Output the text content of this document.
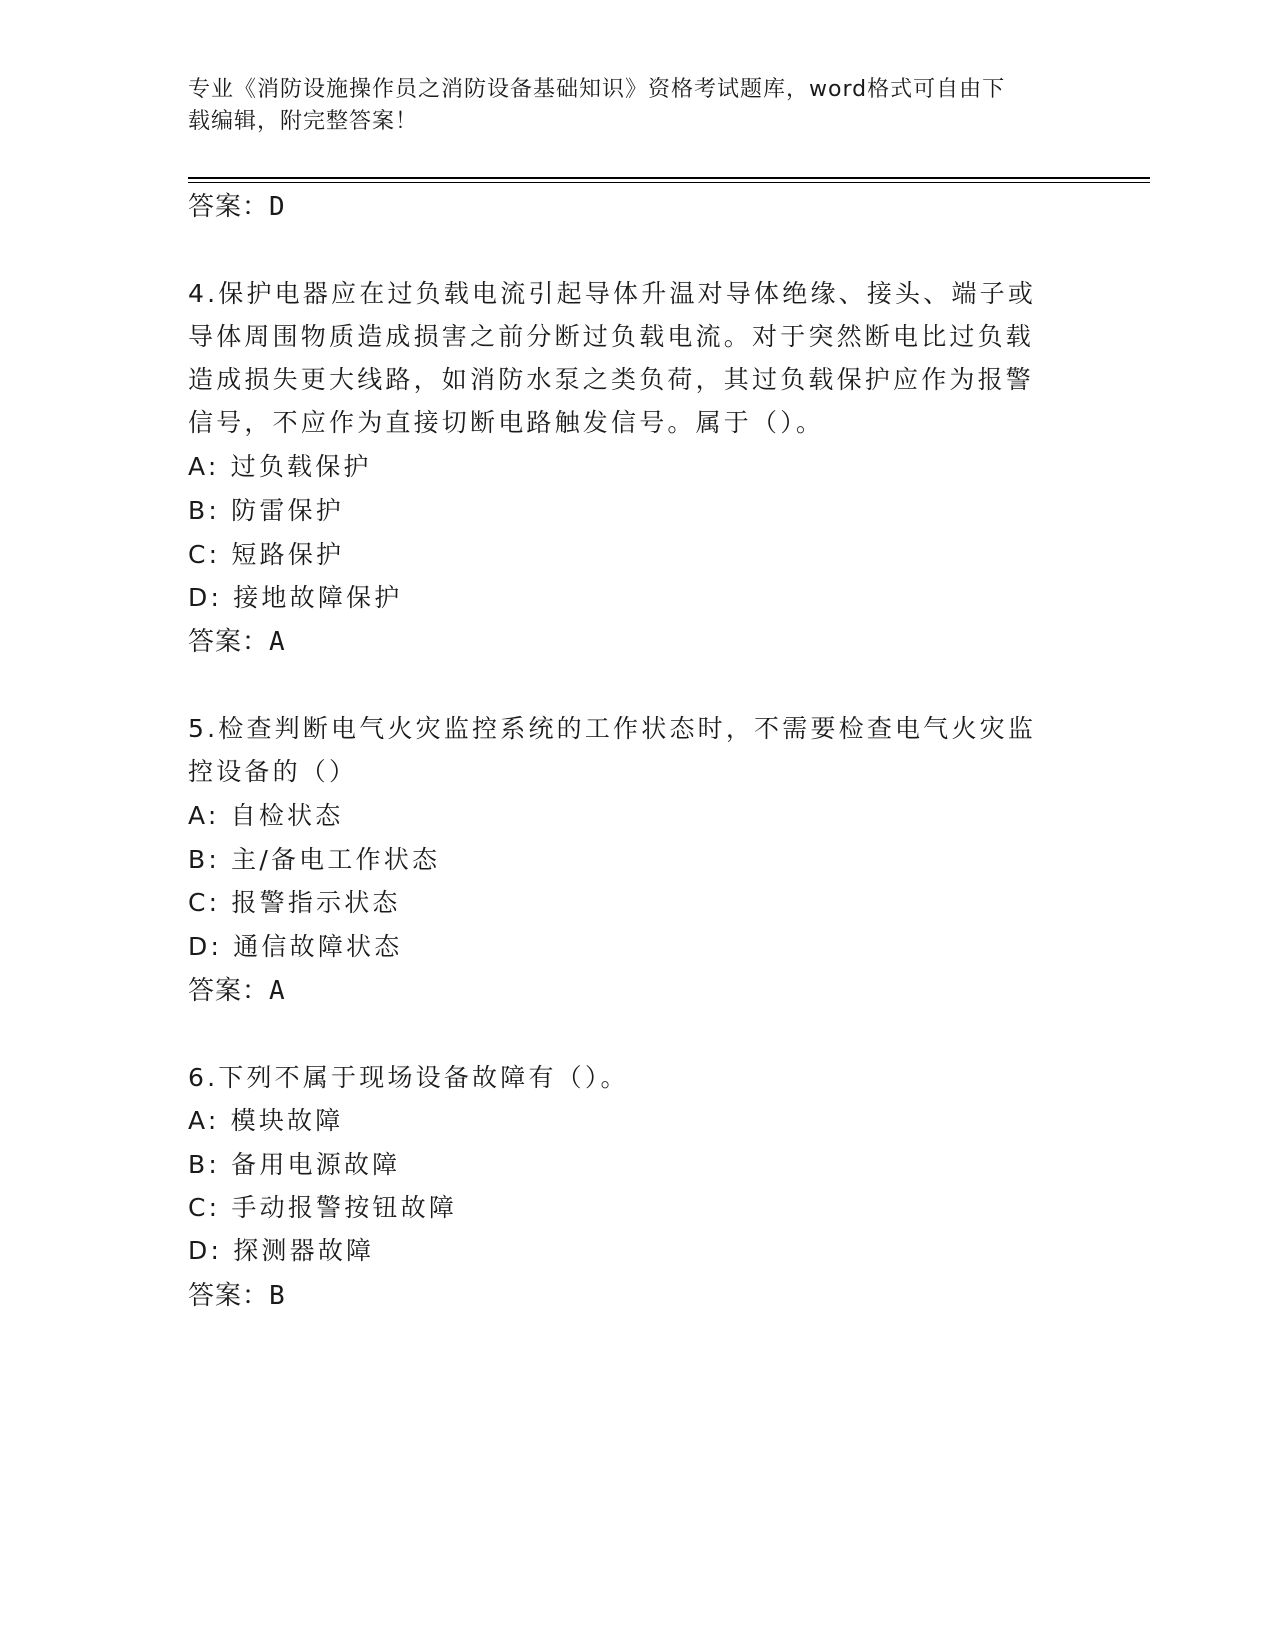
专业《消防设施操作员之消防设备基础知识》资格考试题库，word格式可自由下
载编辑，附完整答案！
答案：D
4.保护电器应在过负载电流引起导体升温对导体绝缘、接头、端子或
导体周围物质造成损害之前分断过负载电流。对于突然断电比过负载
造成损失更大线路，如消防水泵之类负荷，其过负载保护应作为报警
信号，不应作为直接切断电路触发信号。属于（）。
A: 过负载保护
B: 防雷保护
C: 短路保护
D: 接地故障保护
答案：A
5.检查判断电气火灾监控系统的工作状态时，不需要检查电气火灾监
控设备的（）
A: 自检状态
B: 主/备电工作状态
C: 报警指示状态
D: 通信故障状态
答案：A
6.下列不属于现场设备故障有（）。
A: 模块故障
B: 备用电源故障
C: 手动报警按钮故障
D: 探测器故障
答案：B
